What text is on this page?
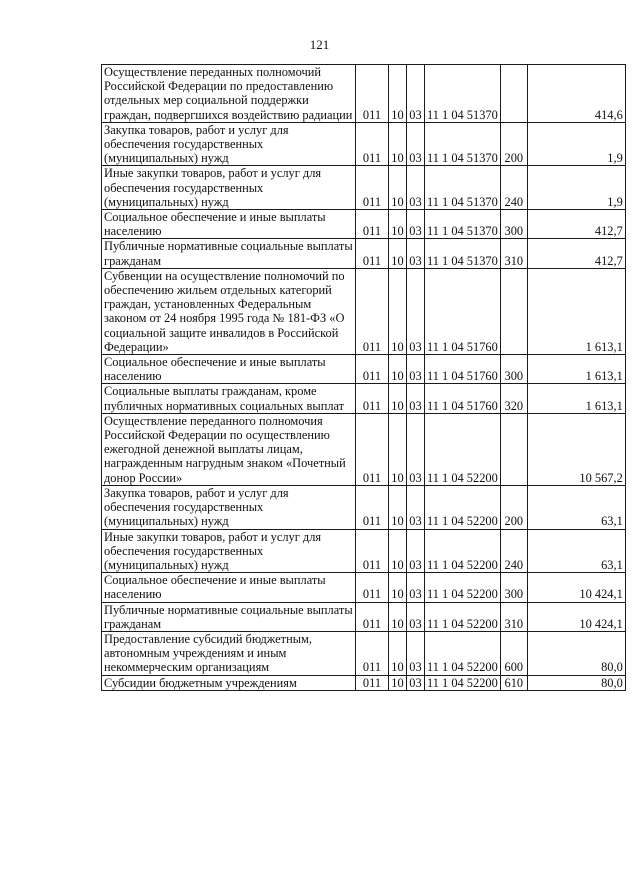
121
Осуществление переданных полномочий Российской Федерации по предоставлению отдельных мер социальной поддержки граждан, подвергшихся воздействию радиации	011	10	03	11 1 04 51370		414,6
Закупка товаров, работ и услуг для обеспечения государственных (муниципальных) нужд	011	10	03	11 1 04 51370	200	1,9
Иные закупки товаров, работ и услуг для обеспечения государственных (муниципальных) нужд	011	10	03	11 1 04 51370	240	1,9
Социальное обеспечение и иные выплаты населению	011	10	03	11 1 04 51370	300	412,7
Публичные нормативные социальные выплаты гражданам	011	10	03	11 1 04 51370	310	412,7
Субвенции на осуществление полномочий по обеспечению жильем отдельных категорий граждан, установленных Федеральным законом от 24 ноября 1995 года № 181-ФЗ «О социальной защите инвалидов в Российской Федерации»	011	10	03	11 1 04 51760		1 613,1
Социальное обеспечение и иные выплаты населению	011	10	03	11 1 04 51760	300	1 613,1
Социальные выплаты гражданам, кроме публичных нормативных социальных выплат	011	10	03	11 1 04 51760	320	1 613,1
Осуществление переданного полномочия Российской Федерации по осуществлению ежегодной денежной выплаты лицам, награжденным нагрудным знаком «Почетный донор России»	011	10	03	11 1 04 52200		10 567,2
Закупка товаров, работ и услуг для обеспечения государственных (муниципальных) нужд	011	10	03	11 1 04 52200	200	63,1
Иные закупки товаров, работ и услуг для обеспечения государственных (муниципальных) нужд	011	10	03	11 1 04 52200	240	63,1
Социальное обеспечение и иные выплаты населению	011	10	03	11 1 04 52200	300	10 424,1
Публичные нормативные социальные выплаты гражданам	011	10	03	11 1 04 52200	310	10 424,1
Предоставление субсидий бюджетным, автономным учреждениям и иным некоммерческим организациям	011	10	03	11 1 04 52200	600	80,0
Субсидии бюджетным учреждениям	011	10	03	11 1 04 52200	610	80,0
